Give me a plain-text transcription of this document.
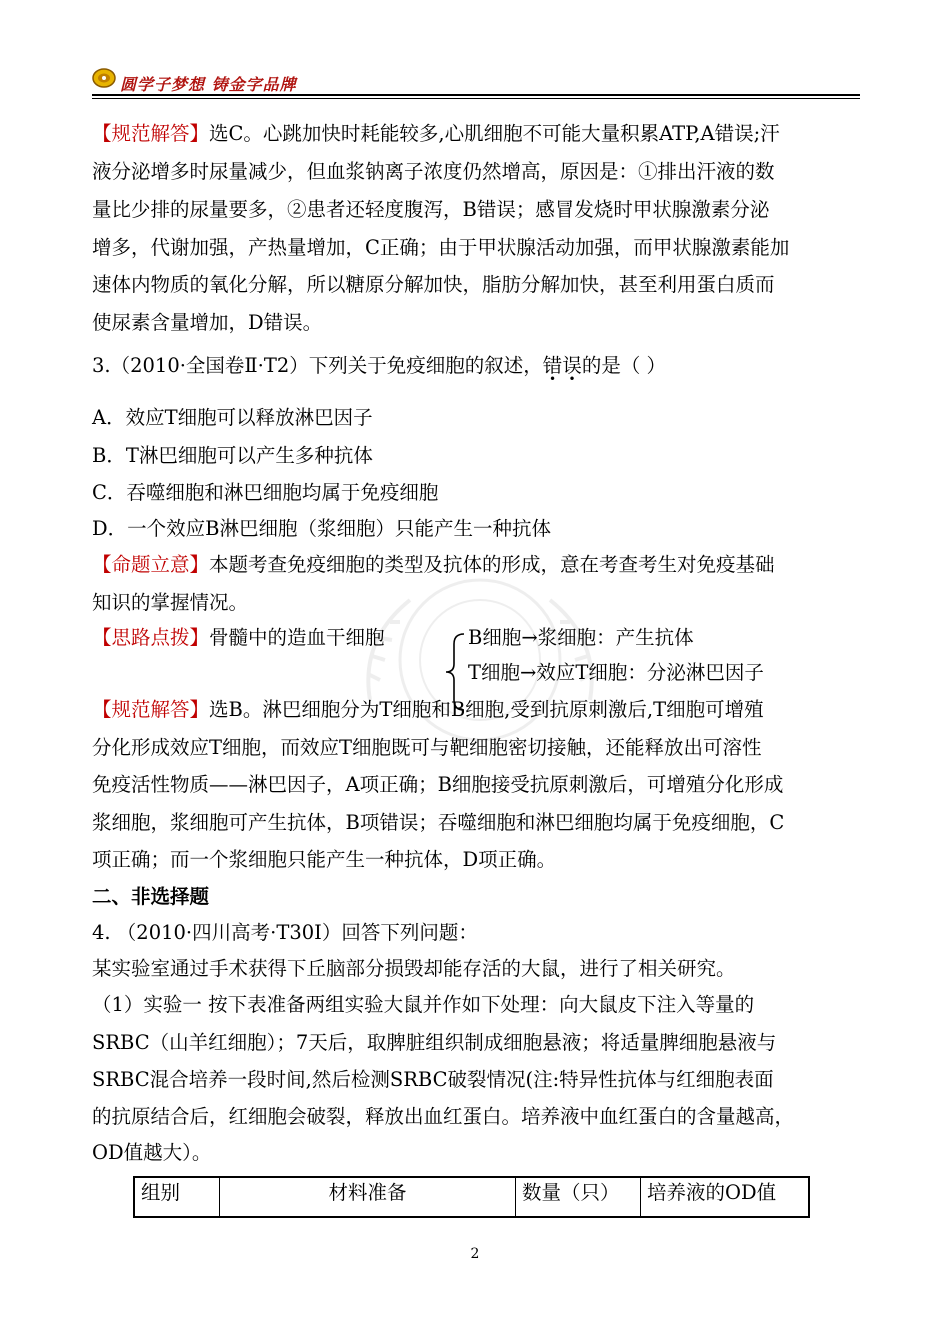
圆学子梦想 铸金字品牌
【规范解答】选C。心跳加快时耗能较多,心肌细胞不可能大量积累ATP,A错误;汗
液分泌增多时尿量减少，但血浆钠离子浓度仍然增高，原因是：①排出汗液的数
量比少排的尿量要多，②患者还轻度腹泻，B错误；感冒发烧时甲状腺激素分泌
增多，代谢加强，产热量增加，C正确；由于甲状腺活动加强，而甲状腺激素能加
速体内物质的氧化分解，所以糖原分解加快，脂肪分解加快，甚至利用蛋白质而
使尿素含量增加，D错误。
3.（2010·全国卷Ⅱ·T2）下列关于免疫细胞的叙述，错误的是（ ）
A．效应T细胞可以释放淋巴因子
B．T淋巴细胞可以产生多种抗体
C．吞噬细胞和淋巴细胞均属于免疫细胞
D．一个效应B淋巴细胞（浆细胞）只能产生一种抗体
【命题立意】本题考查免疫细胞的类型及抗体的形成，意在考查考生对免疫基础
知识的掌握情况。
【思路点拨】骨髓中的造血干细胞	B细胞→浆细胞：产生抗体
T细胞→效应T细胞：分泌淋巴因子
【规范解答】选B。淋巴细胞分为T细胞和B细胞,受到抗原刺激后,T细胞可增殖
分化形成效应T细胞，而效应T细胞既可与靶细胞密切接触，还能释放出可溶性
免疫活性物质——淋巴因子，A项正确；B细胞接受抗原刺激后，可增殖分化形成
浆细胞，浆细胞可产生抗体，B项错误；吞噬细胞和淋巴细胞均属于免疫细胞，C
项正确；而一个浆细胞只能产生一种抗体，D项正确。
二、非选择题
4. （2010·四川高考·T30Ⅰ）回答下列问题：
某实验室通过手术获得下丘脑部分损毁却能存活的大鼠，进行了相关研究。
（1）实验一 按下表准备两组实验大鼠并作如下处理：向大鼠皮下注入等量的
SRBC（山羊红细胞）；7天后，取脾脏组织制成细胞悬液；将适量脾细胞悬液与
SRBC混合培养一段时间,然后检测SRBC破裂情况(注:特异性抗体与红细胞表面
的抗原结合后，红细胞会破裂，释放出血红蛋白。培养液中血红蛋白的含量越高，
OD值越大）。
组别	材料准备	数量（只）	培养液的OD值
2
